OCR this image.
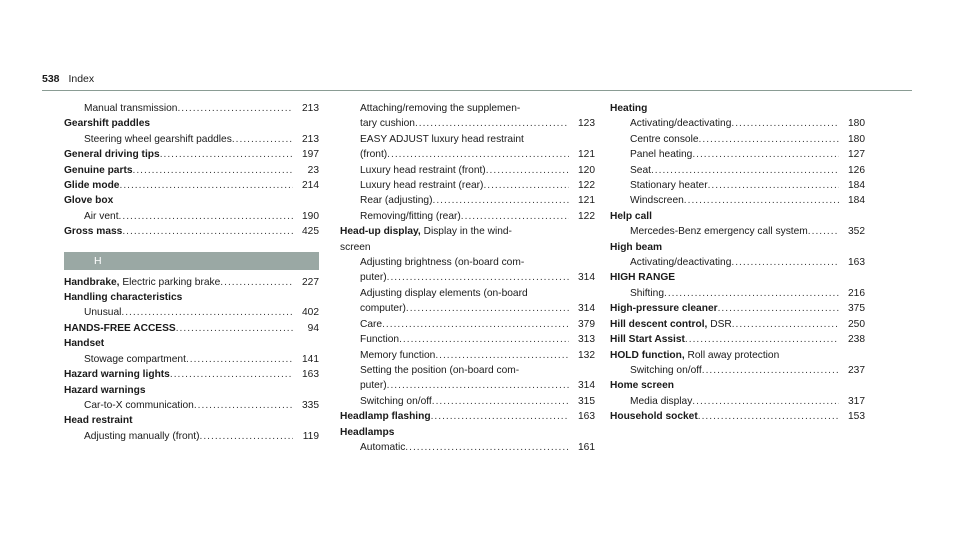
538 Index
Manual transmission .....	213
Gearshift paddles
Steering wheel gearshift paddles .....	213
General driving tips .....	197
Genuine parts .....	23
Glide mode .....	214
Glove box
Air vent .....	190
Gross mass .....	425
H
Handbrake, Electric parking brake .....	227
Handling characteristics
Unusual .....	402
HANDS-FREE ACCESS .....	94
Handset
Stowage compartment .....	141
Hazard warning lights .....	163
Hazard warnings
Car-to-X communication .....	335
Head restraint
Adjusting manually (front) .....	119
Attaching/removing the supplemen-
tary cushion .....	123
EASY ADJUST luxury head restraint
(front) .....	121
Luxury head restraint (front) .....	120
Luxury head restraint (rear) .....	122
Rear (adjusting) .....	121
Removing/fitting (rear) .....	122
Head-up display, Display in the wind-
screen
Adjusting brightness (on-board com-
puter) .....	314
Adjusting display elements (on-board
computer) .....	314
Care .....	379
Function .....	313
Memory function .....	132
Setting the position (on-board com-
puter) .....	314
Switching on/off .....	315
Headlamp flashing .....	163
Headlamps
Automatic .....	161
Heating
Activating/deactivating .....	180
Centre console .....	180
Panel heating .....	127
Seat .....	126
Stationary heater .....	184
Windscreen .....	184
Help call
Mercedes-Benz emergency call system .....	352
High beam
Activating/deactivating .....	163
HIGH RANGE
Shifting .....	216
High-pressure cleaner .....	375
Hill descent control, DSR .....	250
Hill Start Assist .....	238
HOLD function, Roll away protection
Switching on/off .....	237
Home screen
Media display .....	317
Household socket .....	153
